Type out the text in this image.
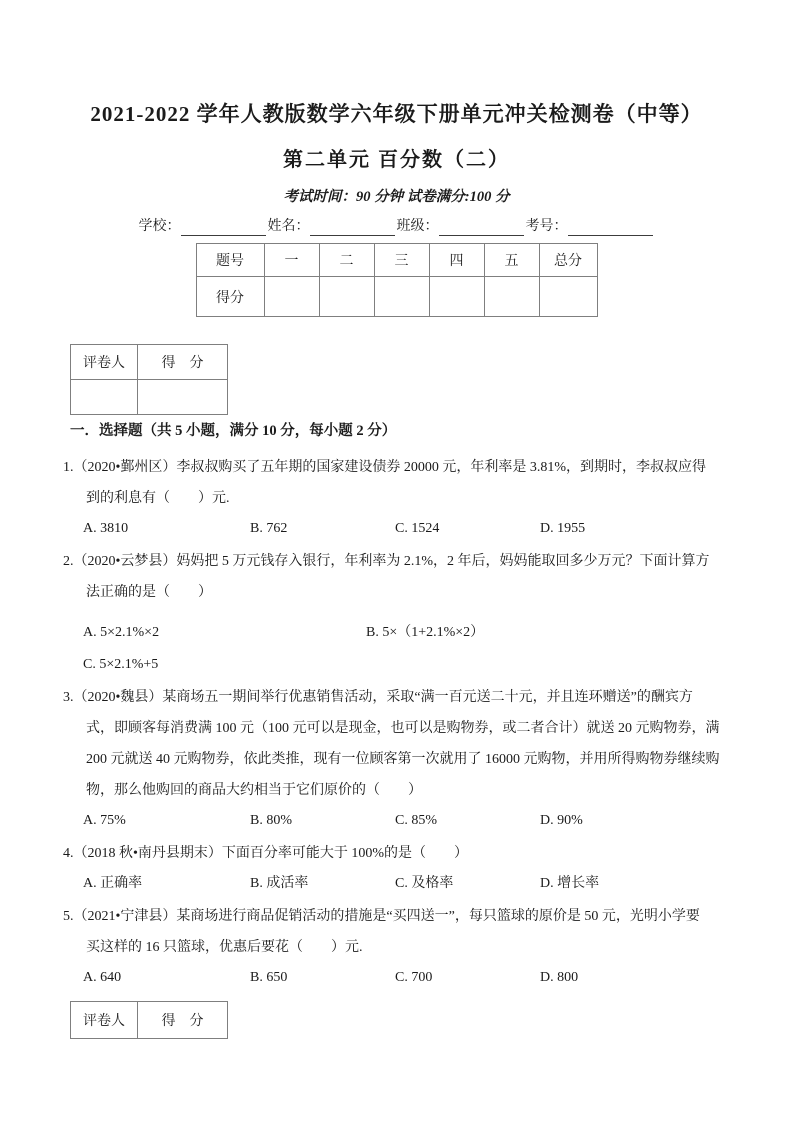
2021-2022 学年人教版数学六年级下册单元冲关检测卷（中等）
第二单元 百分数（二）
考试时间：90 分钟 试卷满分:100 分
学校：	姓名：	班级：	考号：
题号	一	二	三	四	五	总分
得分						
评卷人	得　分

一．选择题（共 5 小题，满分 10 分，每小题 2 分）
1.（2020•鄞州区）李叔叔购买了五年期的国家建设债券 20000 元，年利率是 3.81%，到期时，李叔叔应得
到的利息有（　　）元.
A. 3810	B. 762	C. 1524	D. 1955
2.（2020•云梦县）妈妈把 5 万元钱存入银行，年利率为 2.1%，2 年后，妈妈能取回多少万元？下面计算方
法正确的是（　　）
A. 5×2.1%×2	B. 5×（1+2.1%×2）
C. 5×2.1%+5
3.（2020•魏县）某商场五一期间举行优惠销售活动，采取“满一百元送二十元，并且连环赠送”的酬宾方
式，即顾客每消费满 100 元（100 元可以是现金，也可以是购物券，或二者合计）就送 20 元购物券，满
200 元就送 40 元购物券，依此类推，现有一位顾客第一次就用了 16000 元购物，并用所得购物券继续购
物，那么他购回的商品大约相当于它们原价的（　　）
A. 75%	B. 80%	C. 85%	D. 90%
4.（2018 秋•南丹县期末）下面百分率可能大于 100%的是（　　）
A. 正确率	B. 成活率	C. 及格率	D. 增长率
5.（2021•宁津县）某商场进行商品促销活动的措施是“买四送一”，每只篮球的原价是 50 元，光明小学要
买这样的 16 只篮球，优惠后要花（　　）元.
A. 640	B. 650	C. 700	D. 800
评卷人	得　分
